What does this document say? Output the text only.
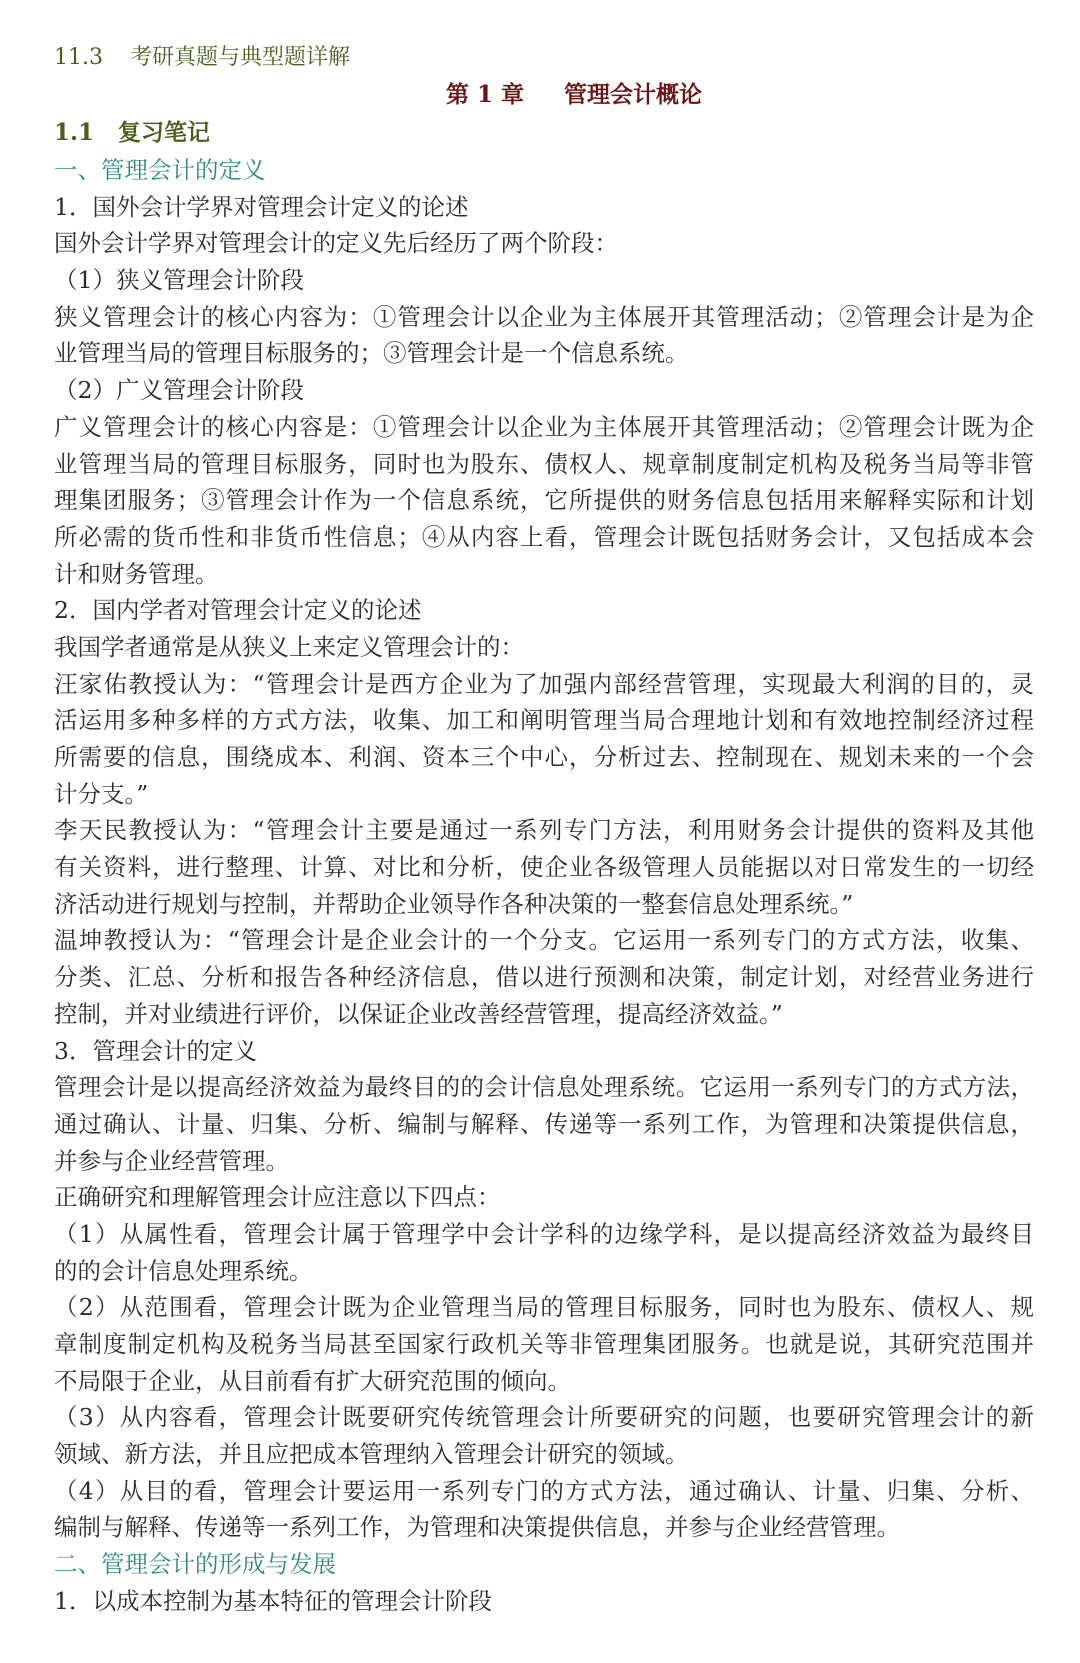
11.3 考研真题与典型题详解
第 1 章 管理会计概论
1.1 复习笔记
一、管理会计的定义
1．国外会计学界对管理会计定义的论述
国外会计学界对管理会计的定义先后经历了两个阶段：
（1）狭义管理会计阶段
狭义管理会计的核心内容为：①管理会计以企业为主体展开其管理活动；②管理会计是为企
业管理当局的管理目标服务的；③管理会计是一个信息系统。
（2）广义管理会计阶段
广义管理会计的核心内容是：①管理会计以企业为主体展开其管理活动；②管理会计既为企
业管理当局的管理目标服务，同时也为股东、债权人、规章制度制定机构及税务当局等非管
理集团服务；③管理会计作为一个信息系统，它所提供的财务信息包括用来解释实际和计划
所必需的货币性和非货币性信息；④从内容上看，管理会计既包括财务会计，又包括成本会
计和财务管理。
2．国内学者对管理会计定义的论述
我国学者通常是从狭义上来定义管理会计的：
汪家佑教授认为：“管理会计是西方企业为了加强内部经营管理，实现最大利润的目的，灵
活运用多种多样的方式方法，收集、加工和阐明管理当局合理地计划和有效地控制经济过程
所需要的信息，围绕成本、利润、资本三个中心，分析过去、控制现在、规划未来的一个会
计分支。”
李天民教授认为：“管理会计主要是通过一系列专门方法，利用财务会计提供的资料及其他
有关资料，进行整理、计算、对比和分析，使企业各级管理人员能据以对日常发生的一切经
济活动进行规划与控制，并帮助企业领导作各种决策的一整套信息处理系统。”
温坤教授认为：“管理会计是企业会计的一个分支。它运用一系列专门的方式方法，收集、
分类、汇总、分析和报告各种经济信息，借以进行预测和决策，制定计划，对经营业务进行
控制，并对业绩进行评价，以保证企业改善经营管理，提高经济效益。”
3．管理会计的定义
管理会计是以提高经济效益为最终目的的会计信息处理系统。它运用一系列专门的方式方法，
通过确认、计量、归集、分析、编制与解释、传递等一系列工作，为管理和决策提供信息，
并参与企业经营管理。
正确研究和理解管理会计应注意以下四点：
（1）从属性看，管理会计属于管理学中会计学科的边缘学科，是以提高经济效益为最终目
的的会计信息处理系统。
（2）从范围看，管理会计既为企业管理当局的管理目标服务，同时也为股东、债权人、规
章制度制定机构及税务当局甚至国家行政机关等非管理集团服务。也就是说，其研究范围并
不局限于企业，从目前看有扩大研究范围的倾向。
（3）从内容看，管理会计既要研究传统管理会计所要研究的问题，也要研究管理会计的新
领域、新方法，并且应把成本管理纳入管理会计研究的领域。
（4）从目的看，管理会计要运用一系列专门的方式方法，通过确认、计量、归集、分析、
编制与解释、传递等一系列工作，为管理和决策提供信息，并参与企业经营管理。
二、管理会计的形成与发展
1．以成本控制为基本特征的管理会计阶段
